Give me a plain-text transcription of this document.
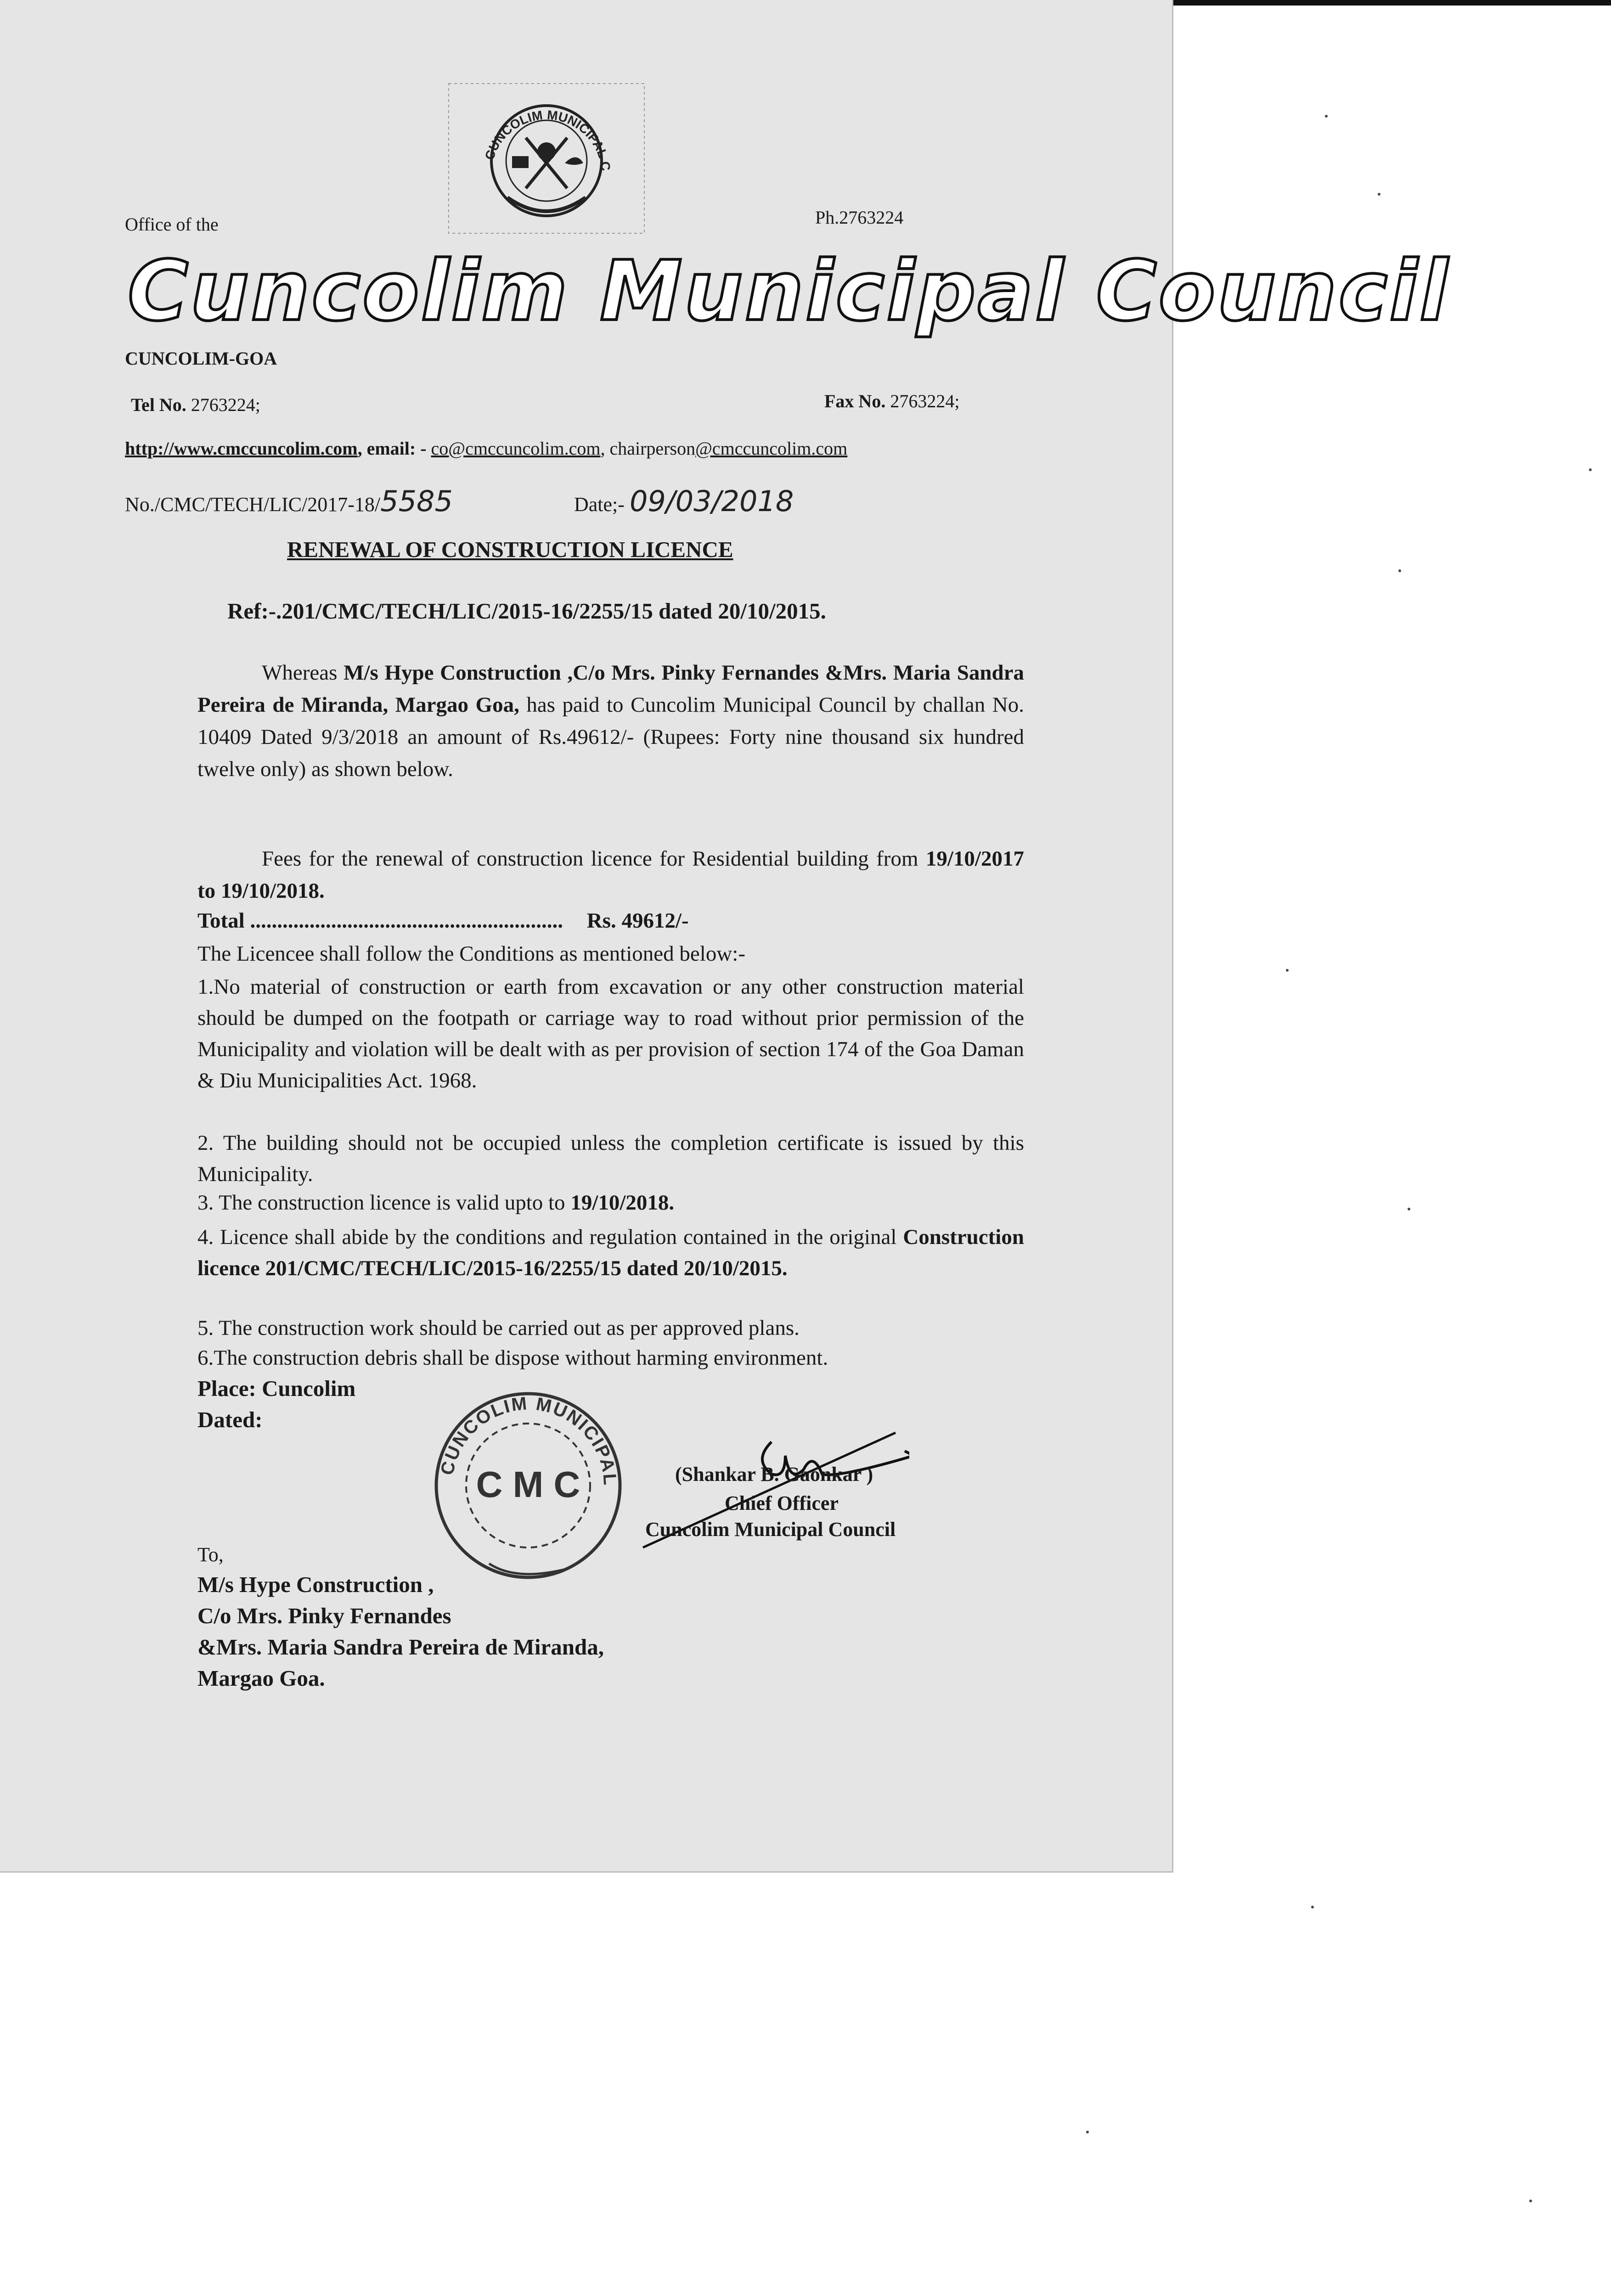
CUNCOLIM MUNICIPAL C
Office of the	Ph.2763224
Cuncolim Municipal Council
CUNCOLIM-GOA
Tel No. 2763224;	Fax No. 2763224;
http://www.cmccuncolim.com, email: - co@cmccuncolim.com, chairperson@cmccuncolim.com
No./CMC/TECH/LIC/2017-18/5585	Date;- 09/03/2018
RENEWAL OF CONSTRUCTION LICENCE
Ref:-.201/CMC/TECH/LIC/2015-16/2255/15 dated 20/10/2015.
Whereas M/s Hype Construction ,C/o Mrs. Pinky Fernandes &Mrs. Maria Sandra Pereira de Miranda, Margao Goa, has paid to Cuncolim Municipal Council by challan No. 10409 Dated 9/3/2018 an amount of Rs.49612/- (Rupees: Forty nine thousand six hundred twelve only) as shown below.
Fees for the renewal of construction licence for Residential building from 19/10/2017 to 19/10/2018.
Total .......................................................... Rs. 49612/-
The Licencee shall follow the Conditions as mentioned below:-
1.No material of construction or earth from excavation or any other construction material should be dumped on the footpath or carriage way to road without prior permission of the Municipality and violation will be dealt with as per provision of section 174 of the Goa Daman & Diu Municipalities Act. 1968.
2. The building should not be occupied unless the completion certificate is issued by this Municipality.
3. The construction licence is valid upto to 19/10/2018.
4. Licence shall abide by the conditions and regulation contained in the original Construction licence 201/CMC/TECH/LIC/2015-16/2255/15 dated 20/10/2015.
5. The construction work should be carried out as per approved plans.
6.The construction debris shall be dispose without harming environment.
Place: Cuncolim
Dated:
CUNCOLIM MUNICIPAL
C M C	(Shankar B. Gaonkar )
Chief Officer
Cuncolim Municipal Council
To,
M/s Hype Construction ,
C/o Mrs. Pinky Fernandes
&Mrs. Maria Sandra Pereira de Miranda,
Margao Goa.
